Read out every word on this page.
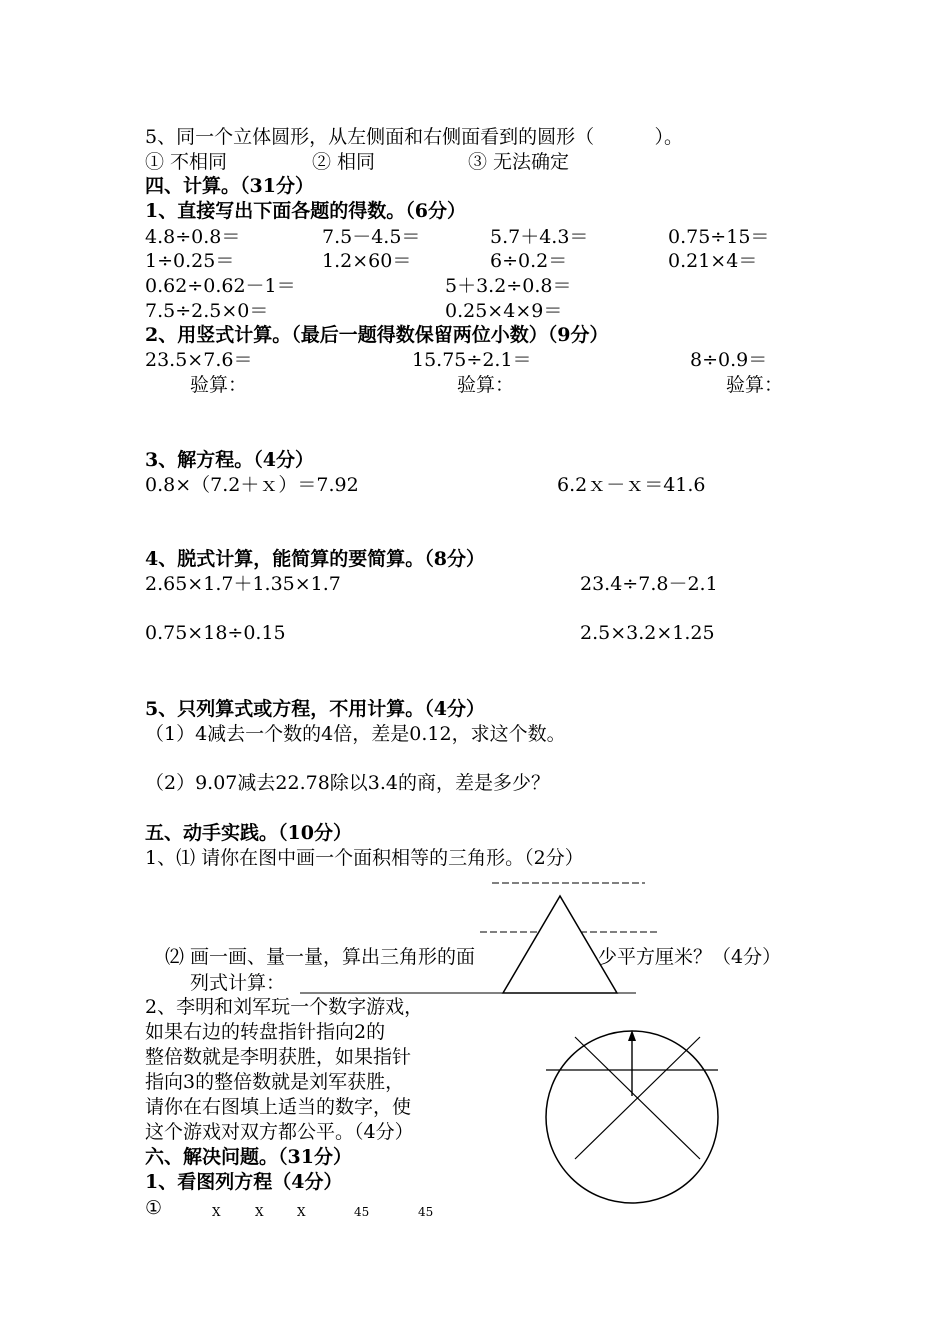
5、同一个立体圆形，从左侧面和右侧面看到的圆形（          ）。
① 不相同	② 相同	③ 无法确定
四、计算。（31分）
1、直接写出下面各题的得数。（6分）
4.8÷0.8＝	7.5－4.5＝	5.7＋4.3＝	0.75÷15＝
1÷0.25＝	1.2×60＝	6÷0.2＝	0.21×4＝
0.62÷0.62－1＝	5＋3.2÷0.8＝
7.5÷2.5×0＝	0.25×4×9＝
2、用竖式计算。（最后一题得数保留两位小数）（9分）
23.5×7.6＝	15.75÷2.1＝	8÷0.9＝
验算：	验算：	验算：
3、解方程。（4分）
0.8×（7.2＋ｘ）＝7.92	6.2ｘ－ｘ＝41.6
4、脱式计算，能简算的要简算。（8分）
2.65×1.7＋1.35×1.7	23.4÷7.8－2.1
0.75×18÷0.15	2.5×3.2×1.25
5、只列算式或方程，不用计算。（4分）
（1）4减去一个数的4倍，差是0.12，求这个数。
（2）9.07减去22.78除以3.4的商，差是多少？
五、动手实践。（10分）
1、⑴ 请你在图中画一个面积相等的三角形。（2分）
⑵ 画一画、量一量，算出三角形的面	少平方厘米？（4分）
列式计算：
2、李明和刘军玩一个数字游戏，
如果右边的转盘指针指向2的
整倍数就是李明获胜，如果指针
指向3的整倍数就是刘军获胜，
请你在右图填上适当的数字，使
这个游戏对双方都公平。（4分）
六、解决问题。（31分）
1、看图列方程（4分）
①	X	X	X	45	45
